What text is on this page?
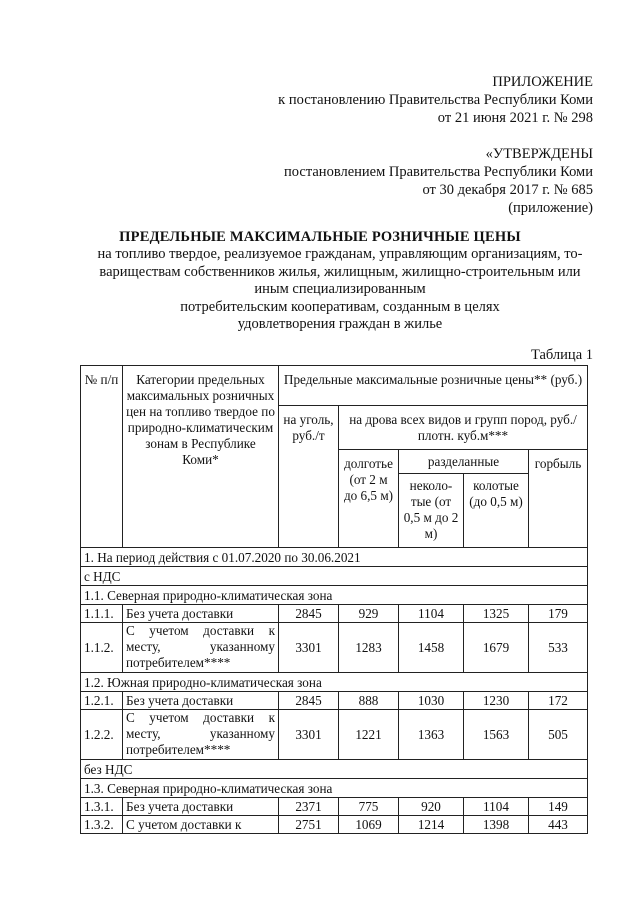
ПРИЛОЖЕНИЕ
к постановлению Правительства Республики Коми
от 21 июня 2021 г. № 298
«УТВЕРЖДЕНЫ
постановлением Правительства Республики Коми
от 30 декабря 2017 г. № 685
(приложение)
ПРЕДЕЛЬНЫЕ МАКСИМАЛЬНЫЕ РОЗНИЧНЫЕ ЦЕНЫ
на топливо твердое, реализуемое гражданам, управляющим организациям, то-
вариществам собственников жилья, жилищным, жилищно-строительным или
иным специализированным
потребительским кооперативам, созданным в целях
удовлетворения граждан в жилье
Таблица 1
№ п/п	Категории предельных максимальных розничных цен на топливо твердое по природно-климатическим зонам в Республике Коми*	Предельные максимальные розничные цены** (руб.)				
		на уголь, руб./т	на дрова всех видов и групп пород, руб./плотн. куб.м***			
			долготье (от 2 м до 6,5 м)	разделанные		горбыль
				неколо-тые (от 0,5 м до 2 м)	колотые (до 0,5 м)	
1. На период действия с 01.07.2020 по 30.06.2021						
с НДС						
1.1. Северная природно-климатическая зона						
1.1.1.	Без учета доставки	2845	929	1104	1325	179
1.1.2.	С учетом доставки к месту, указанному потребителем****	3301	1283	1458	1679	533
1.2. Южная природно-климатическая зона						
1.2.1.	Без учета доставки	2845	888	1030	1230	172
1.2.2.	С учетом доставки к месту, указанному потребителем****	3301	1221	1363	1563	505
без НДС						
1.3. Северная природно-климатическая зона						
1.3.1.	Без учета доставки	2371	775	920	1104	149
1.3.2.	С учетом доставки к	2751	1069	1214	1398	443
